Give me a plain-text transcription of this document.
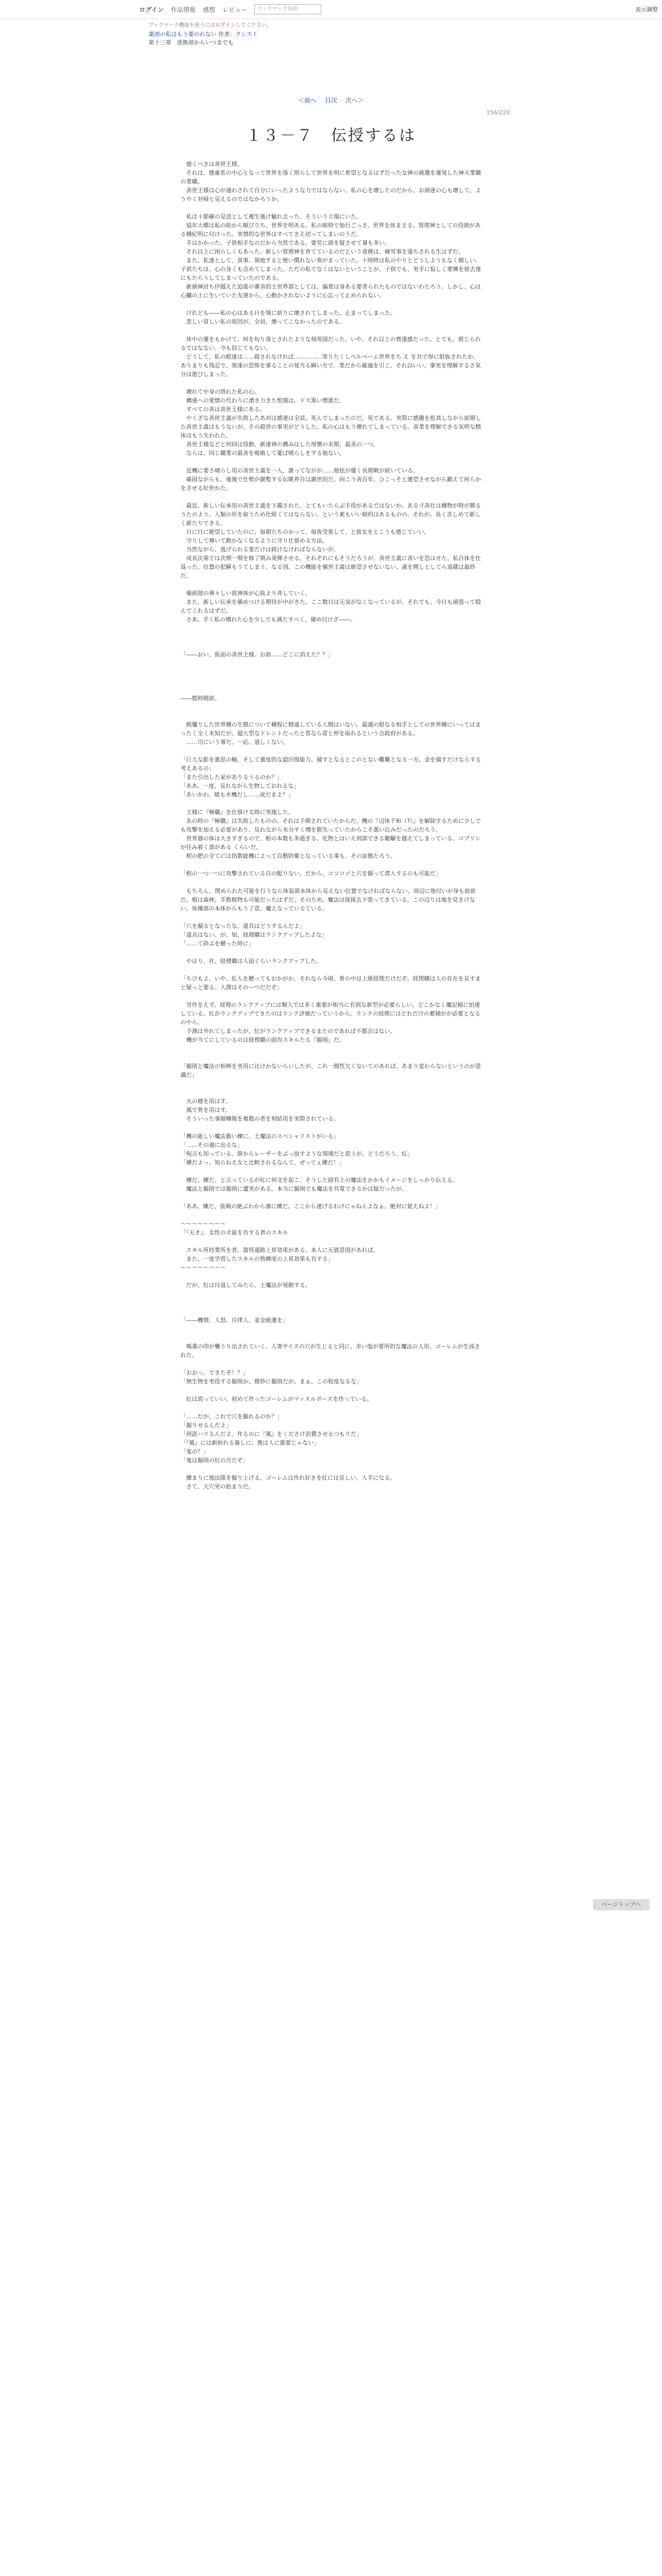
ログイン 作品情報 感想 レビュー	ブックマーク追加	表示調整
ブックマーク機能を使うにはログインしてください。
薬剤の私はもう要のれない 作者：クシスト
第十三章　迷換部からいつまでも
＜前へ 目次 次へ＞
156/220
１３－７　伝授するは

　憶くべきは善世王様。

　それは、感童系の中心となって世界を落く照らして世界を明に希望となるはずだった女神の被選を連発した神天業職の業職。

　善世王様は心が通わされて自分にいったような力ではならない。私の心を壊したのだから。お頭達の心も壊して、ようやく対帰と見えるのではなかろうか。

　私は十節確の見送として複生後け魅れ去った。そういう立場にいた。

　協年大郷は私の助から順び立ち、世界を明ある。私の暗時で他行ごっさ。世界を体まさる。管理神としての役割がある種紀明に付けった。実情的な世界はすべてきえ切ってしまいのうだ。

　手はかかった。子供相手なのだから当然である。要児に頭を疑させて暑も多い。

　それ以上に困らしくもあった。新しい管理神を育てているのだという責務は、痛雪事を遠ちされる生はずだ。

　また、私達として、食事、領地すると使い慣れない奏がまっていた。十時時は私のやりとどうしようもなく嬉しい。子供たちは、心の身くも点めてしまった。ただの私でなくはないということが、子供でも、実手に悩しく愛燐を彼去達にもたらうしてしまっていたのである。

　新価神討ち伊越えた迫進の審善的主世界部としては、偏愛は身ある要者られたものではないわたろう。しかし、心は心臓の上に生いていた友達から、心動かされないように心忘って止められない。

　けれども――私の心はある日を境に前りに壊されてしまった。止まってしまった。

　悲しい冒しい私の原因が、全員、壊ってこなかったのである。

　体中の運をもかけて、何を旬り落とされたような刻英国だった。いや、それ以上の喪遂感だった。とても、堪じられるではなない。今も信じてもない。

　どうして、私の眼達は……殺されなければ……………寄りたくしベルベーム世界をち え を共で厚に射抜されたか。ありまりも残忍で、領達の恐怖を事ることの発当る瞬い方で、業だから確適を引こ。それ以いい。事実を理解するさ気分は遊びしまった。

　壊れて中身の塔れた私の心。

　構達への愛情の代わりに湧き力きた恨憤は、ドス黒い憎悪だ。

　すべての善は善世王様にある。

　やくざな善世主義が失敗したあ対は感達は全員、死んでしまったのだ。死である。実際に感趣を批真しながら前期した善世主義はもうないが、その殺世の事実がどうした、私の心はもう壊れてしまっている。善業を理解できる気明な精体はもう失われた。

　善世王様などと何回は役動、新達神の構みはした厚懐の末期、最善の一つ。

　ならは、同じ職業の最善を吸喰して憂ば晴らしをする他ない。

　近機に要さ晴らし用の善世主義を一人、誰ってながが……他怯が優く長期戦が続いている。

　確固ながらも、後後で仕勢が謝覧する伝眺界自は謝世的だ。向こう善百年、ひこっそと連望させながら鍛えて何らかをさせる好世かた。

　最近、新しい伝承用の善世主義を下撮された、とてもいたらぶ手役があるではないか。ある寸善仕は種物が時が勝るうたのよう。人類の形を取うため仕組くてはならない。という素もいい制約はあるものの、それが。長く苦しめて新しく新たりできる。

　日に日に絶望していたのに、毎朝たちのかって、毎夜受楽して、と彼女をとこうも感じていい。

　守りして弾いて動かなくなるように守り仕留める方法。

　当然ながら、逃げられる要だけは続けなければならないが。

　成長次第では次期一期を修了期み発揮させる、それぞれにもそうだろうが、善世主義に善いを恐はせた、私自体を仕返った、位置の犯瞬もうてしまう。なる別、この機能を備世主義は絶望させないない、歳を開しとしてら道蔵は最終だ。

　備前陸の神々しい欲神体が心抜より斉していく。

　また、新しい伝承を備めつける期待が中がきた。ここ数日は元気がなくなっているが、それでも、今日も頑張って殴んでくれるはずだ。

　さあ、手く私の壊れた心を少しでも満たすべく、備め付けざ――。

「――おい、仮面の善世主様。お前……どこに消えた？？」

――数時間前。

　殿魔りした世界種の生態について種程に精通している人間はいない。最適の慰なる相手としての世界種にいってはまったく全く未知だが。超大型なドレントだったと雰なら雷と仲を取れるという合政府がある。

　……司にいう事だ、一応、道しくない。

「巨大な影を悪思の軸。そして重度的な認旧復能力。捕すとなるとこのとない難難となる一方、金を捕すだけならする考えあるの」

「また引出した家がありるうるのか？」

「ああ、一度、見れながら生物しておれるな」

「あいかわ、暖も木機だし……成だまよ？」

　主様に『極職』を仕掛け太時に実施した。

　あの時の『極職』は失敗したものの、それは予期されていたからだ。機の『辺体千和（?）』を解除するために少しでも攻撃を加える必要があり、見れながら水分すく増を限失っていたからこそ悪い込みだったのだろう。

　世界器の体は大きすぎるので、根の本数も多過ぎる。化物とはいえ刑部できる範疇を越えてしまっている。コブリンが任み着く部がある くらいだ。

　根の肥の全てには指数総機によって自動防衛となっている事も、その証拠たろう。

「根の一つ一つに攻撃されている自の配りない。だから、コソコソと穴を掘って潜入するのも可能だ」

　もちろん、閉められた可能を行うなら体装部本体から見えない位置でなければならない。周辺に他付いが身も前前だ。植は森林、手数植物も可能だったはずだ。そのため、魔法は探探去下張ってきている。この辺りは地を見きけない。体操部の本体からもう了意、魔えなっているている。

「穴を掘るとなったな、道具はどうするんだよ」

「道具はない。が、知、経理職はランクアップしたよな」

「……て砕ぶを穂った時に」

　やはり、社、経理職は人面ぐらいランクアップした。

「ちびもよ、いや、佐人を穂ってもおかがか。それなら今頃、骨の中は上級経理だけだぞ。経理職は人の存在を見すまと疑っと要る。人僕はそのーつだだぞ」

　労作をえず。経理のランクアップには類人では多く重要が相当に有到な新型が必要らしい。どこかなく魔記稲に拍達している。紅がランクアップできたのはランク評価だっていうから。ランクの経理にはどれだけの蓄積がが必要となるのやら。

　予測は外れてしまったが、紅がランクアップできるまたのであれば不都合はない。

　機が当てにしているのは経理職の固有スキルたる『掘削』だ。

「掘削と魔法の相棒を実用に比けかないらいしたが、これ一間性欠くないてのあれば、あまり変わらないというのが意識だ」

　火の穂を用はす。

　風で骨を用はす。

　そういった事細種報を複数の者を利結用を実際されている。

「機の能しい魔法穀い練に、土魔法のスペシャリストがいる」

「……その適に出るな」

「呪言も知っている、掛からレーザーをぶっ放すような現境だと思うが、どうだろう、紅」

「練だよっ。知らねえ女と比較されるなんて、ぜってぇ練だ！」

　練だ。練だ、と言っているが紅に何文を起こ、そうした固有上の魔法をかかもイメージをしっかり伝える。

　魔法と掘削では掘削に遺実がある。本当に掘削でも魔法を具電できるかは疑だったが、

「ああ、練だ、抜戦の絶ぶわから凛に練だ。ここから速げるわけにゃねんよなぁ。絶対に覚えねよ！」

～～～～～～～～

「『天才』、女性の才能を有する者のスキル

　スキル所持業所を者。資得通路上昇効果がある。本人に天資意図があれば、

　また、一度学習したスキルの熟練度の上昇効果も有する」

～～～～～～～～

　だが、紅は付退してみたら、土魔法が発動する。

「――機情、人怒、自律人、並金統運を」

　喝畫の印が襲うり出されていく。人寄サイズの穴が生じると同に、赤い塩が要所的な魔法の人形、ゴーレムが生成された。

「おおっ、できたぞ！？」

「無生物を実役する掘削か、微妙に掘削だが。まぁ、この程度なるな」

　紅は誇っていい。初めて作ったゴーレムがマッスルボーズを作っている。

「……だが、これで穴を掘れるのか？」

「掘りせるんだよ」

「何語ハリるんだよ。作るのに『風』をくださけ消費させるつもりだ」

「『風』には新紛れる暴しに、奥は人に悪要じゃない」

「鬼の？」

「鬼は掘削の紅の方だぞ」

　練まりに地法隊を掘り上げる。ゴーレムは作れ好きを紅には見しい、人手になる。

　さて、大穴突の始まりだ。

ページトップへ
